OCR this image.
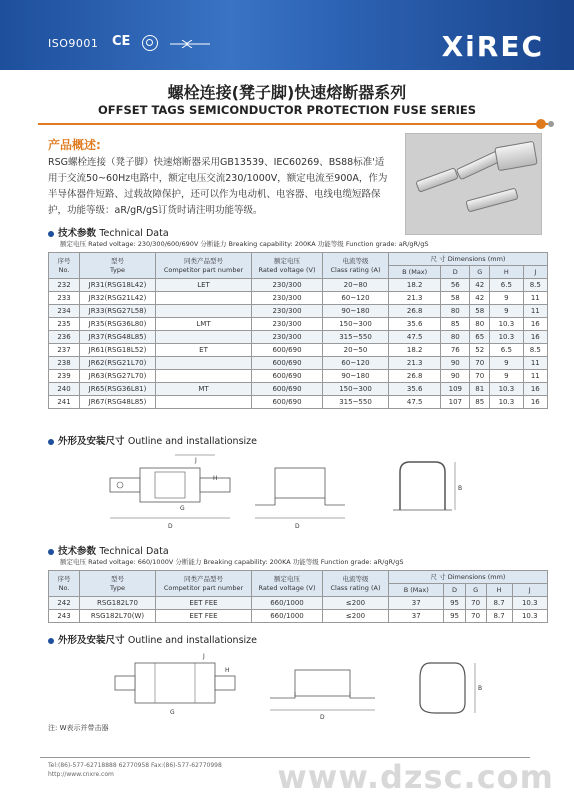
ISO9001 CE	XiREC
螺栓连接(凳子脚)快速熔断器系列
OFFSET TAGS SEMICONDUCTOR PROTECTION FUSE SERIES
产品概述:
RSG螺栓连接（凳子脚）快速熔断器采用GB13539、IEC60269、BS88标准'适用于交流50~60Hz电路中，额定电压交流230/1000V，额定电流至900A，作为半导体器件短路、过载故障保护，还可以作为电动机、电容器、电线电缆短路保护，功能等级：aR/gR/gS订货时请注明功能等级。
技术参数 Technical Data
额定电压 Rated voltage: 230/300/600/690V 分断能力 Breaking capability: 200KA 功能等级 Function grade: aR/gR/gS
序号
No.	型号
Type	同类产品型号
Competitor part number	额定电压
Rated voltage (V)	电流等级
Class rating (A)	尺 寸 Dimensions (mm)				
					B (Max)	D	G	H	J
232	JR31(RSG18L42)	LET	230/300	20~80	18.2	56	42	6.5	8.5
233	JR32(RSG21L42)		230/300	60~120	21.3	58	42	9	11
234	JR33(RSG27L58)		230/300	90~180	26.8	80	58	9	11
235	JR35(RSG36L80)	LMT	230/300	150~300	35.6	85	80	10.3	16
236	JR37(RSG48L85)		230/300	315~550	47.5	80	65	10.3	16
237	JR61(RSG18L52)	ET	600/690	20~50	18.2	76	52	6.5	8.5
238	JR62(RSG21L70)		600/690	60~120	21.3	90	70	9	11
239	JR63(RSG27L70)		600/690	90~180	26.8	90	70	9	11
240	JR65(RSG36L81)	MT	600/690	150~300	35.6	109	81	10.3	16
241	JR67(RSG48L85)		600/690	315~550	47.5	107	85	10.3	16
外形及安装尺寸 Outline and installationsize
J
H
G
D	D
B
技术参数 Technical Data
额定电压 Rated voltage: 660/1000V 分断能力 Breaking capability: 200KA 功能等级 Function grade: aR/gR/gS
序号
No.	型号
Type	同类产品型号
Competitor part number	额定电压
Rated voltage (V)	电流等级
Class rating (A)	尺 寸 Dimensions (mm)				
					B (Max)	D	G	H	J
242	RSG182L70	EET FEE	660/1000	≤200	37	95	70	8.7	10.3
243	RSG182L70(W)	EET FEE	660/1000	≤200	37	95	70	8.7	10.3
外形及安装尺寸 Outline and installationsize
J
H
G
D
B
注: W表示并带击器
Tel:(86)-577-62718888 62770958 Fax:(86)-577-62770998
http://www.cnxre.com	www.dzsc.com
